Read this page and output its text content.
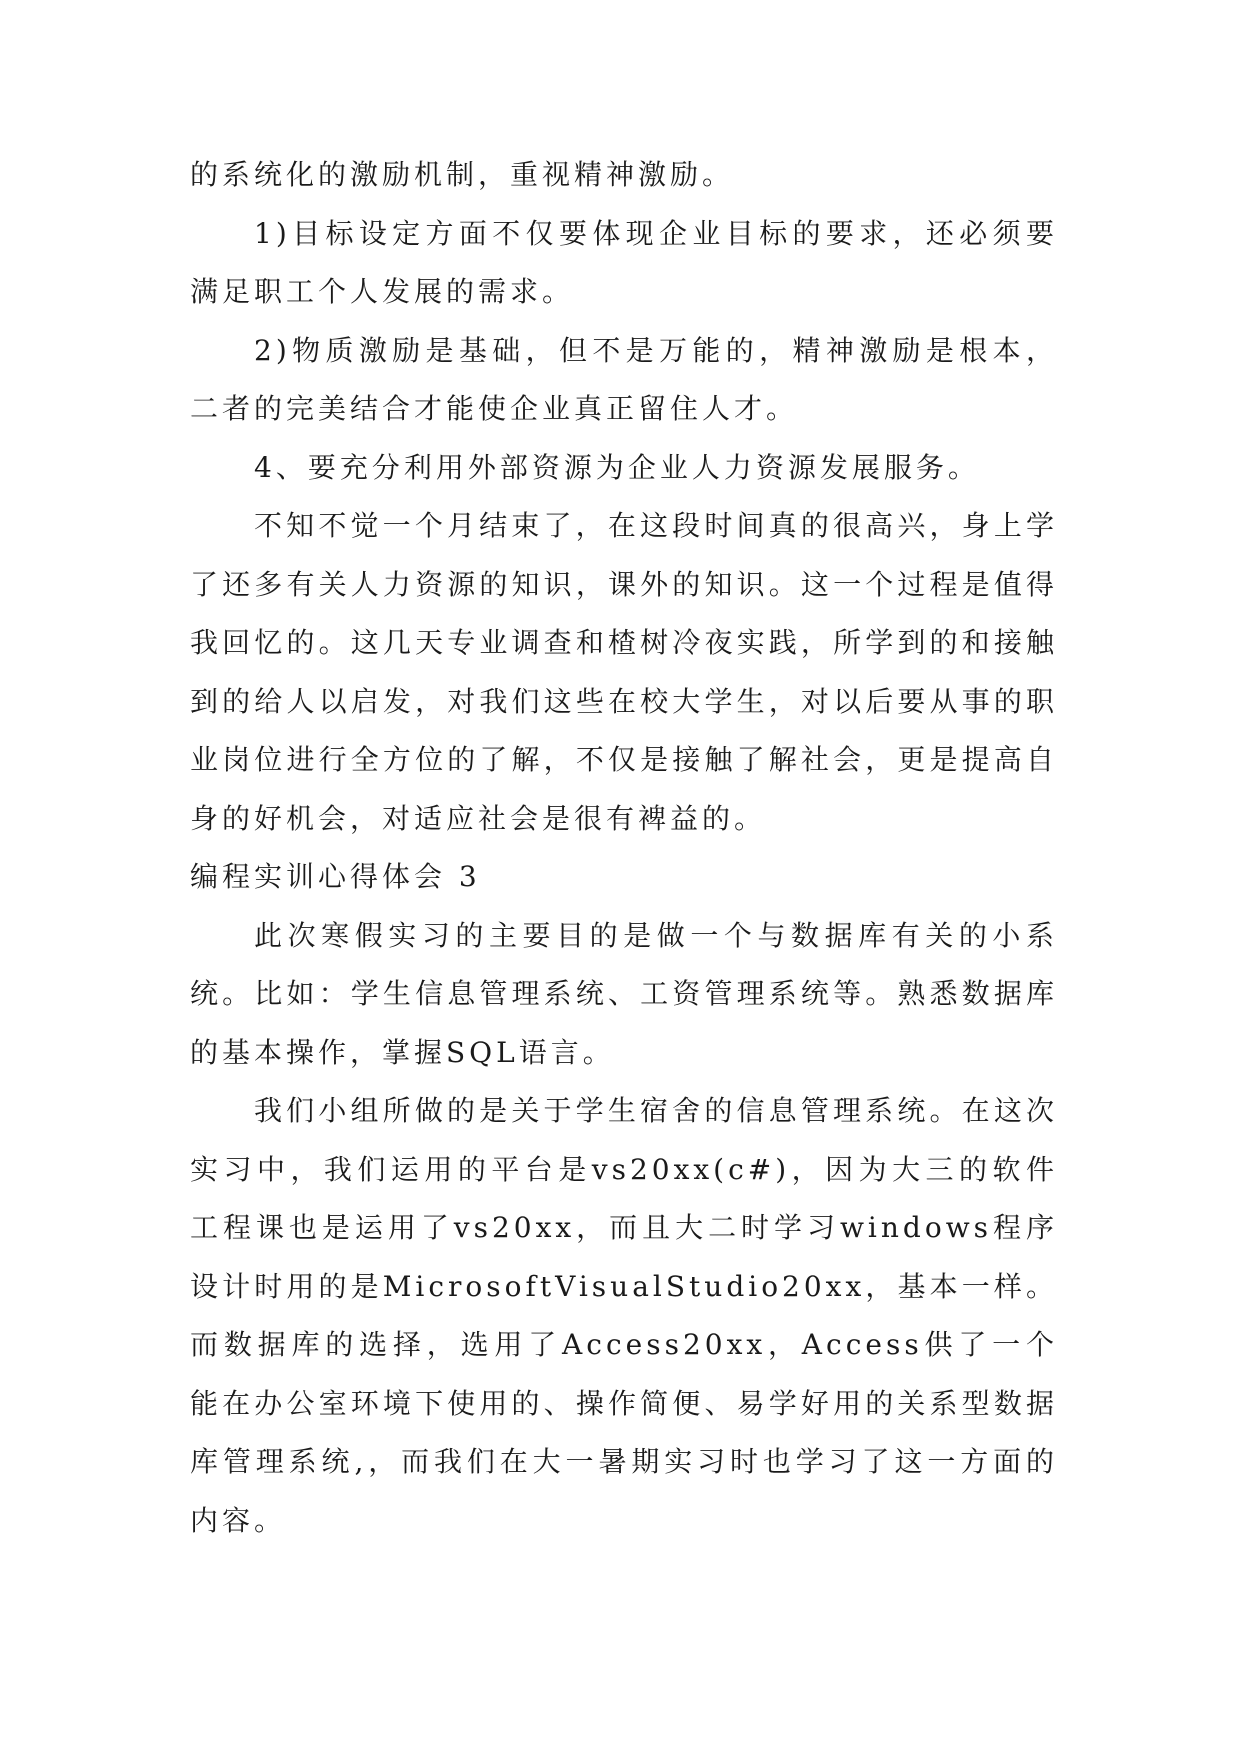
的系统化的激励机制，重视精神激励。

1)目标设定方面不仅要体现企业目标的要求，还必须要满足职工个人发展的需求。

2)物质激励是基础，但不是万能的，精神激励是根本，二者的完美结合才能使企业真正留住人才。

4、要充分利用外部资源为企业人力资源发展服务。

不知不觉一个月结束了，在这段时间真的很高兴，身上学了还多有关人力资源的知识，课外的知识。这一个过程是值得我回忆的。这几天专业调查和楂树冷夜实践，所学到的和接触到的给人以启发，对我们这些在校大学生，对以后要从事的职业岗位进行全方位的了解，不仅是接触了解社会，更是提高自身的好机会，对适应社会是很有裨益的。

编程实训心得体会 3

此次寒假实习的主要目的是做一个与数据库有关的小系统。比如：学生信息管理系统、工资管理系统等。熟悉数据库的基本操作，掌握SQL语言。

我们小组所做的是关于学生宿舍的信息管理系统。在这次实习中，我们运用的平台是vs20xx(c#)，因为大三的软件工程课也是运用了vs20xx，而且大二时学习windows程序设计时用的是MicrosoftVisualStudio20xx，基本一样。而数据库的选择，选用了Access20xx，Access供了一个能在办公室环境下使用的、操作简便、易学好用的关系型数据库管理系统,，而我们在大一暑期实习时也学习了这一方面的内容。
